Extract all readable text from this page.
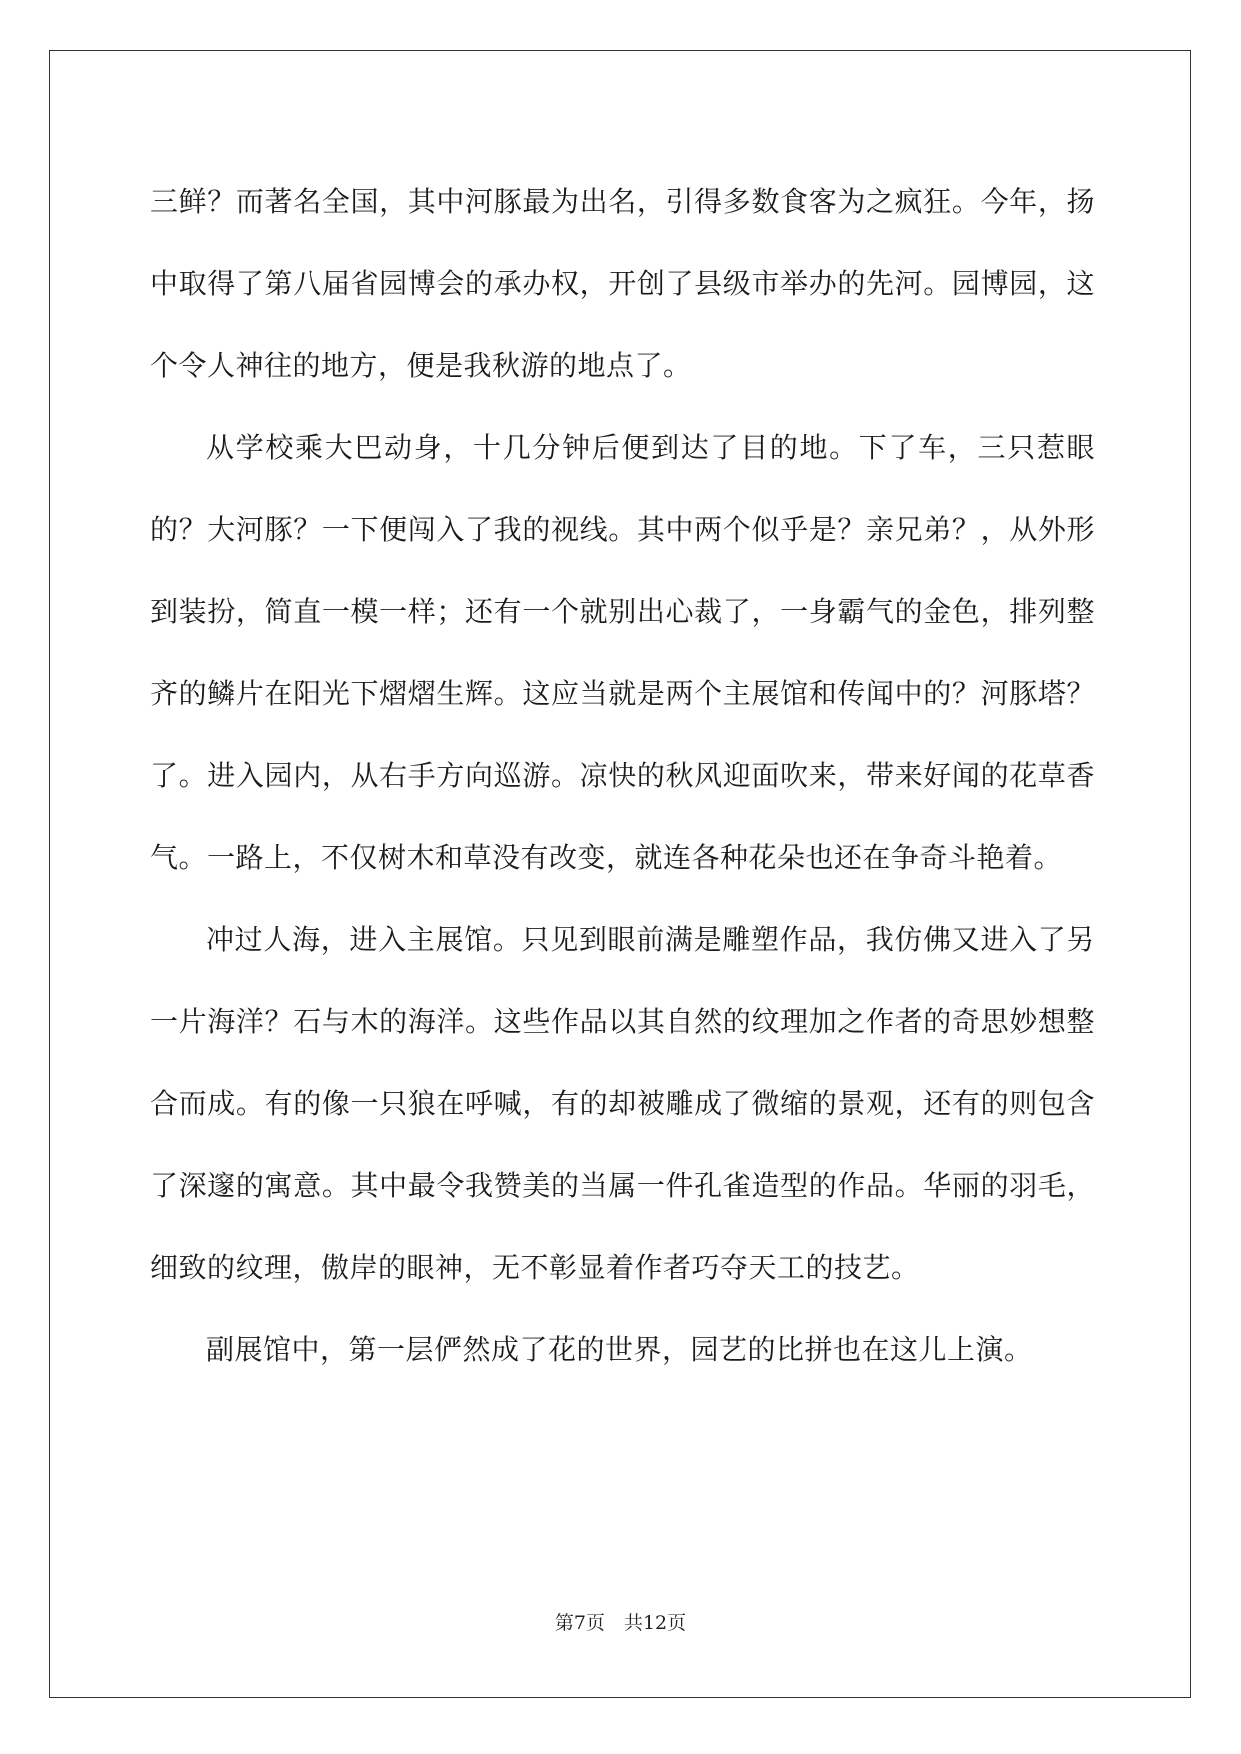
三鲜？而著名全国，其中河豚最为出名，引得多数食客为之疯狂。今年，扬中取得了第八届省园博会的承办权，开创了县级市举办的先河。园博园，这个令人神往的地方，便是我秋游的地点了。

从学校乘大巴动身，十几分钟后便到达了目的地。下了车，三只惹眼的？大河豚？一下便闯入了我的视线。其中两个似乎是？亲兄弟？，从外形到装扮，简直一模一样；还有一个就别出心裁了，一身霸气的金色，排列整齐的鳞片在阳光下熠熠生辉。这应当就是两个主展馆和传闻中的？河豚塔？了。进入园内，从右手方向巡游。凉快的秋风迎面吹来，带来好闻的花草香气。一路上，不仅树木和草没有改变，就连各种花朵也还在争奇斗艳着。

冲过人海，进入主展馆。只见到眼前满是雕塑作品，我仿佛又进入了另一片海洋？石与木的海洋。这些作品以其自然的纹理加之作者的奇思妙想整合而成。有的像一只狼在呼喊，有的却被雕成了微缩的景观，还有的则包含了深邃的寓意。其中最令我赞美的当属一件孔雀造型的作品。华丽的羽毛，细致的纹理，傲岸的眼神，无不彰显着作者巧夺天工的技艺。

副展馆中，第一层俨然成了花的世界，园艺的比拼也在这儿上演。

第7页　共12页
